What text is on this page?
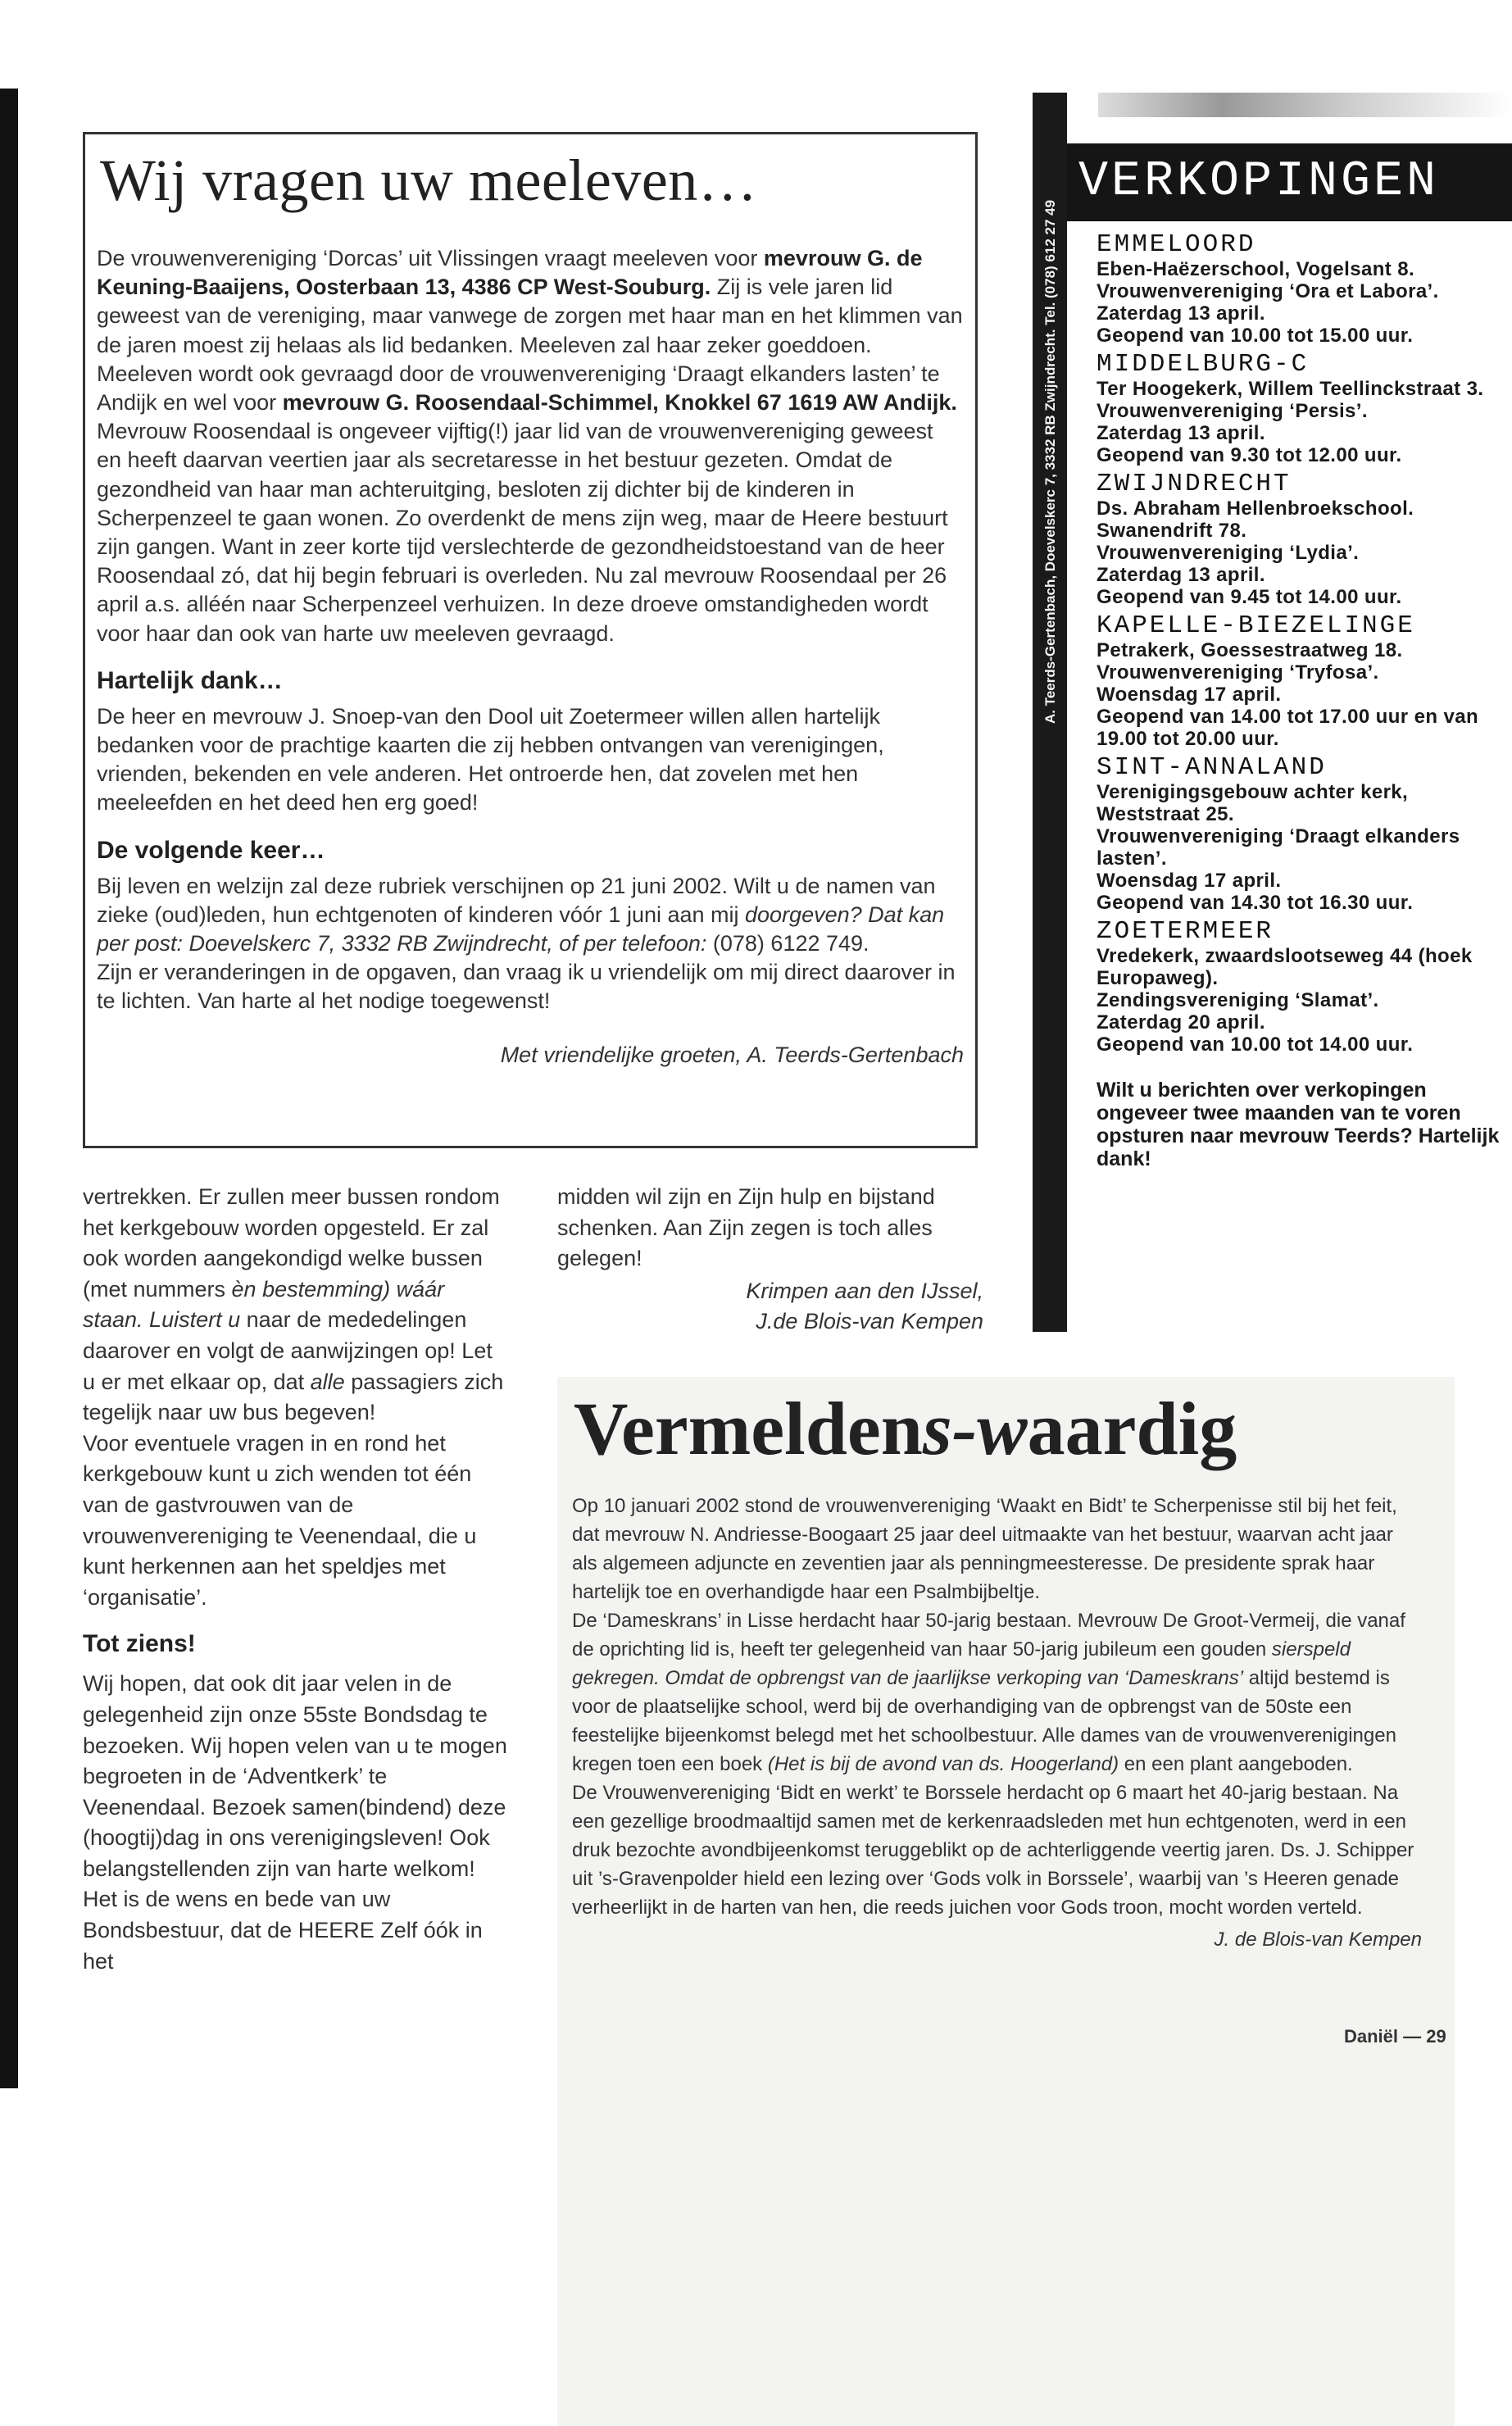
Wij vragen uw meeleven…

De vrouwenvereniging ‘Dorcas’ uit Vlissingen vraagt meeleven voor mevrouw G. de Keuning-Baaijens, Oosterbaan 13, 4386 CP West-Souburg. Zij is vele jaren lid geweest van de vereniging, maar vanwege de zorgen met haar man en het klimmen van de jaren moest zij helaas als lid bedanken. Meeleven zal haar zeker goeddoen.

Meeleven wordt ook gevraagd door de vrouwenvereniging ‘Draagt elkanders lasten’ te Andijk en wel voor mevrouw G. Roosendaal-Schimmel, Knokkel 67 1619 AW Andijk. Mevrouw Roosendaal is ongeveer vijftig(!) jaar lid van de vrouwenvereniging geweest en heeft daarvan veertien jaar als secretaresse in het bestuur gezeten. Omdat de gezondheid van haar man achteruitging, besloten zij dichter bij de kinderen in Scherpenzeel te gaan wonen. Zo overdenkt de mens zijn weg, maar de Heere bestuurt zijn gangen. Want in zeer korte tijd verslechterde de gezondheidstoestand van de heer Roosendaal zó, dat hij begin februari is overleden. Nu zal mevrouw Roosendaal per 26 april a.s. alléén naar Scherpenzeel verhuizen. In deze droeve omstandigheden wordt voor haar dan ook van harte uw meeleven gevraagd.

Hartelijk dank…

De heer en mevrouw J. Snoep-van den Dool uit Zoetermeer willen allen hartelijk bedanken voor de prachtige kaarten die zij hebben ontvangen van verenigingen, vrienden, bekenden en vele anderen. Het ontroerde hen, dat zovelen met hen meeleefden en het deed hen erg goed!

De volgende keer…

Bij leven en welzijn zal deze rubriek verschijnen op 21 juni 2002. Wilt u de namen van zieke (oud)leden, hun echtgenoten of kinderen vóór 1 juni aan mij doorgeven? Dat kan per post: Doevelskerc 7, 3332 RB Zwijndrecht, of per telefoon: (078) 6122 749.

Zijn er veranderingen in de opgaven, dan vraag ik u vriendelijk om mij direct daarover in te lichten. Van harte al het nodige toegewenst!

Met vriendelijke groeten, A. Teerds-Gertenbach

A. Teerds-Gertenbach, Doevelskerc 7, 3332 RB Zwijndrecht. Tel. (078) 612 27 49
VERKOPINGEN
EMMELOORD
Eben-Haëzerschool, Vogelsant 8.
Vrouwenvereniging ‘Ora et Labora’.
Zaterdag 13 april.
Geopend van 10.00 tot 15.00 uur.
MIDDELBURG-C
Ter Hoogekerk, Willem Teellinckstraat 3.
Vrouwenvereniging ‘Persis’.
Zaterdag 13 april.
Geopend van 9.30 tot 12.00 uur.
ZWIJNDRECHT
Ds. Abraham Hellenbroekschool. Swanendrift 78.
Vrouwenvereniging ‘Lydia’.
Zaterdag 13 april.
Geopend van 9.45 tot 14.00 uur.
KAPELLE-BIEZELINGE
Petrakerk, Goessestraatweg 18.
Vrouwenvereniging ‘Tryfosa’.
Woensdag 17 april.
Geopend van 14.00 tot 17.00 uur en van 19.00 tot 20.00 uur.
SINT-ANNALAND
Verenigingsgebouw achter kerk, Weststraat 25.
Vrouwenvereniging ‘Draagt elkanders lasten’.
Woensdag 17 april.
Geopend van 14.30 tot 16.30 uur.
ZOETERMEER
Vredekerk, zwaardslootseweg 44 (hoek Europaweg).
Zendingsvereniging ‘Slamat’.
Zaterdag 20 april.
Geopend van 10.00 tot 14.00 uur.
Wilt u berichten over verkopingen ongeveer twee maanden van te voren opsturen naar mevrouw Teerds? Hartelijk dank!

vertrekken. Er zullen meer bussen rondom het kerkgebouw worden opgesteld. Er zal ook worden aangekondigd welke bussen (met nummers èn bestemming) wáár staan. Luistert u naar de mededelingen daarover en volgt de aanwijzingen op! Let u er met elkaar op, dat alle passagiers zich tegelijk naar uw bus begeven!

Voor eventuele vragen in en rond het kerkgebouw kunt u zich wenden tot één van de gastvrouwen van de vrouwenvereniging te Veenendaal, die u kunt herkennen aan het speldjes met ‘organisatie’.

Tot ziens!

Wij hopen, dat ook dit jaar velen in de gelegenheid zijn onze 55ste Bondsdag te bezoeken. Wij hopen velen van u te mogen begroeten in de ‘Adventkerk’ te Veenendaal. Bezoek samen(bindend) deze (hoogtij)dag in ons verenigingsleven! Ook belangstellenden zijn van harte welkom!

Het is de wens en bede van uw Bondsbestuur, dat de HEERE Zelf óók in het

midden wil zijn en Zijn hulp en bijstand schenken. Aan Zijn zegen is toch alles gelegen!

Krimpen aan den IJssel,

J.de Blois-van Kempen

Vermeldens-waardig

Op 10 januari 2002 stond de vrouwenvereniging ‘Waakt en Bidt’ te Scherpenisse stil bij het feit, dat mevrouw N. Andriesse-Boogaart 25 jaar deel uitmaakte van het bestuur, waarvan acht jaar als algemeen adjuncte en zeventien jaar als penningmeesteresse. De presidente sprak haar hartelijk toe en overhandigde haar een Psalmbijbeltje.

De ‘Dameskrans’ in Lisse herdacht haar 50-jarig bestaan. Mevrouw De Groot-Vermeij, die vanaf de oprichting lid is, heeft ter gelegenheid van haar 50-jarig jubileum een gouden sierspeld gekregen. Omdat de opbrengst van de jaarlijkse verkoping van ‘Dameskrans’ altijd bestemd is voor de plaatselijke school, werd bij de overhandiging van de opbrengst van de 50ste een feestelijke bijeenkomst belegd met het schoolbestuur. Alle dames van de vrouwenverenigingen kregen toen een boek (Het is bij de avond van ds. Hoogerland) en een plant aangeboden.

De Vrouwenvereniging ‘Bidt en werkt’ te Borssele herdacht op 6 maart het 40-jarig bestaan. Na een gezellige broodmaaltijd samen met de kerkenraadsleden met hun echtgenoten, werd in een druk bezochte avondbijeenkomst teruggeblikt op de achterliggende veertig jaren. Ds. J. Schipper uit ’s-Gravenpolder hield een lezing over ‘Gods volk in Borssele’, waarbij van ’s Heeren genade verheerlijkt in de harten van hen, die reeds juichen voor Gods troon, mocht worden verteld.

J. de Blois-van Kempen

Daniël — 29
